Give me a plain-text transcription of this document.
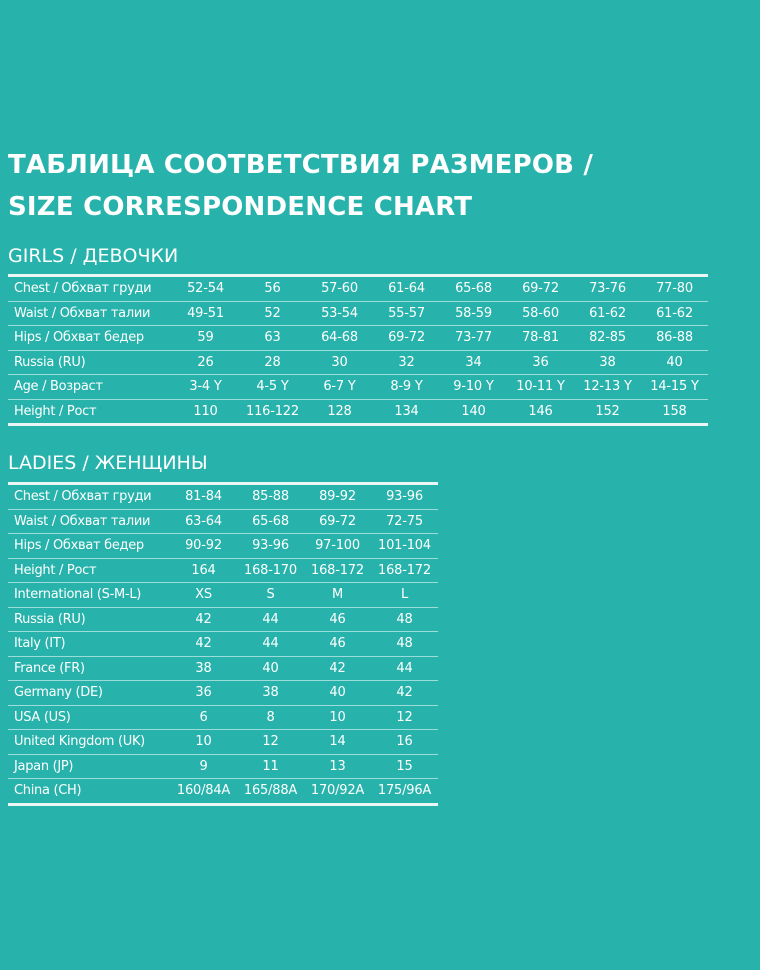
ТАБЛИЦА СООТВЕТСТВИЯ РАЗМЕРОВ /
SIZE CORRESPONDENCE CHART
GIRLS / ДЕВОЧКИ
Chest / Обхват груди	52-54	56	57-60	61-64	65-68	69-72	73-76	77-80
Waist / Обхват талии	49-51	52	53-54	55-57	58-59	58-60	61-62	61-62
Hips / Обхват бедер	59	63	64-68	69-72	73-77	78-81	82-85	86-88
Russia (RU)	26	28	30	32	34	36	38	40
Age / Возраст	3-4 Y	4-5 Y	6-7 Y	8-9 Y	9-10 Y	10-11 Y	12-13 Y	14-15 Y
Height / Рост	110	116-122	128	134	140	146	152	158
LADIES / ЖЕНЩИНЫ
Chest / Обхват груди	81-84	85-88	89-92	93-96
Waist / Обхват талии	63-64	65-68	69-72	72-75
Hips / Обхват бедер	90-92	93-96	97-100	101-104
Height / Рост	164	168-170	168-172	168-172
International (S-M-L)	XS	S	M	L
Russia (RU)	42	44	46	48
Italy (IT)	42	44	46	48
France (FR)	38	40	42	44
Germany (DE)	36	38	40	42
USA (US)	6	8	10	12
United Kingdom (UK)	10	12	14	16
Japan (JP)	9	11	13	15
China (CH)	160/84A	165/88A	170/92A	175/96A
